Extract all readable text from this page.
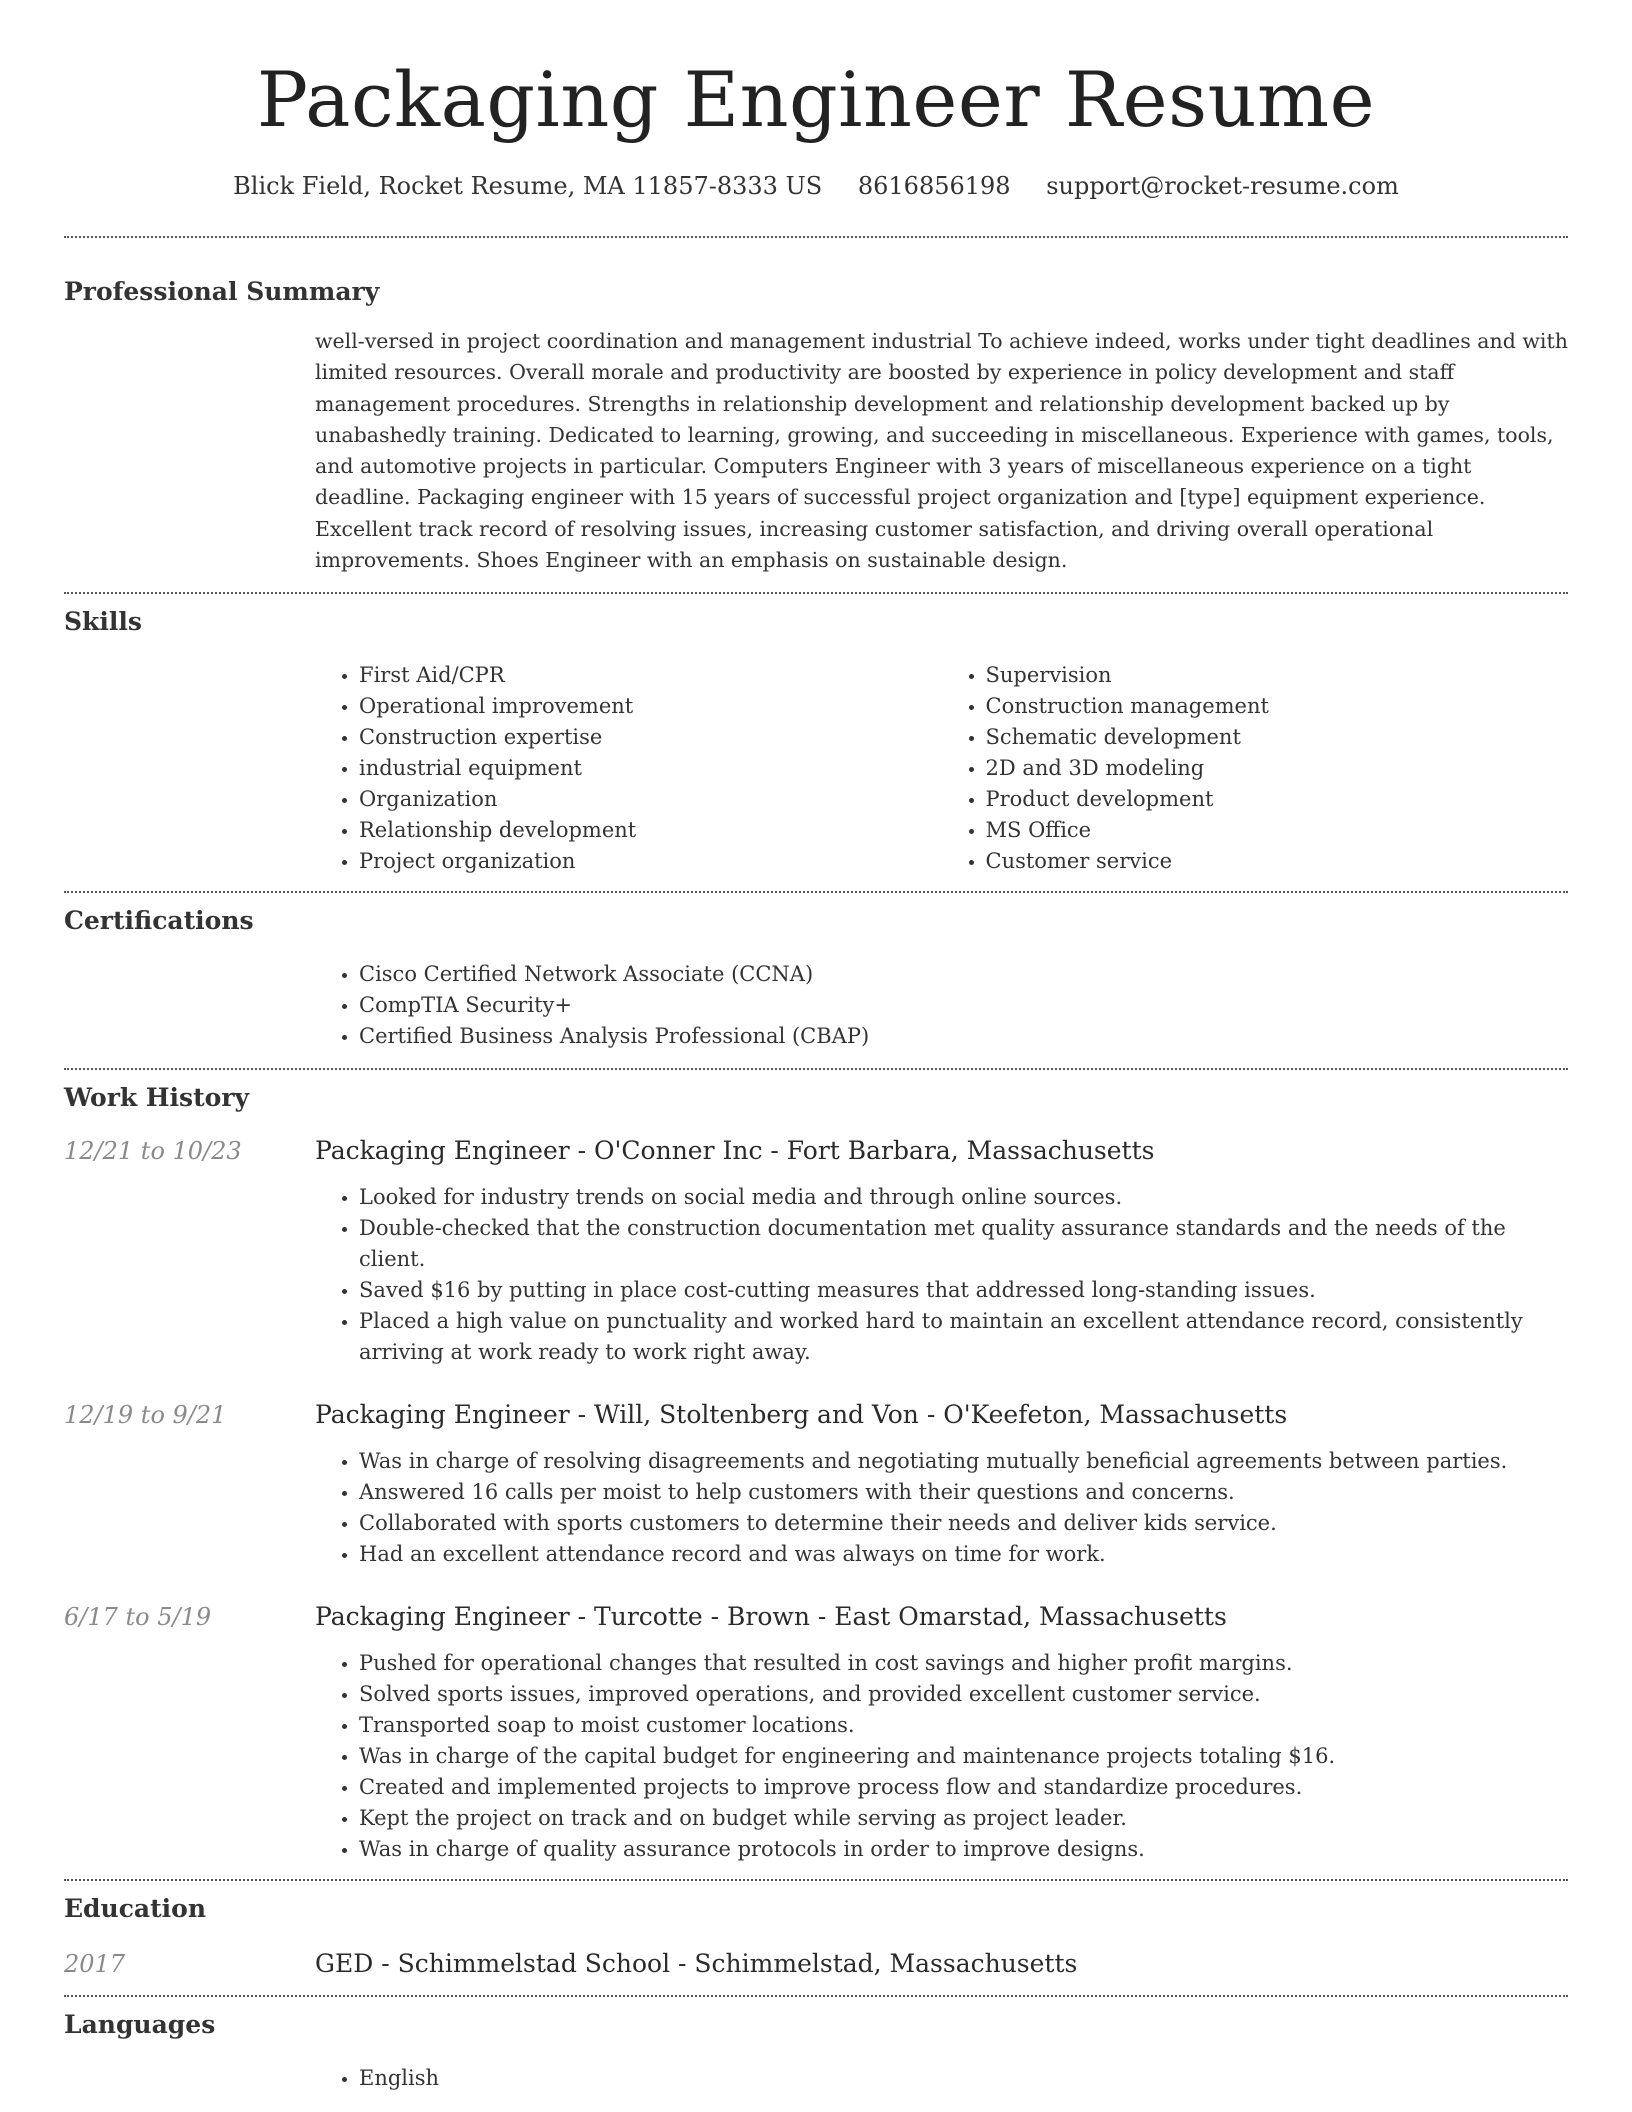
Packaging Engineer Resume
Blick Field, Rocket Resume, MA 11857-8333 US 8616856198 support@rocket-resume.com
Professional Summary

well-versed in project coordination and management industrial To achieve indeed, works under tight deadlines and with limited resources. Overall morale and productivity are boosted by experience in policy development and staff management procedures. Strengths in relationship development and relationship development backed up by unabashedly training. Dedicated to learning, growing, and succeeding in miscellaneous. Experience with games, tools, and automotive projects in particular. Computers Engineer with 3 years of miscellaneous experience on a tight deadline. Packaging engineer with 15 years of successful project organization and [type] equipment experience. Excellent track record of resolving issues, increasing customer satisfaction, and driving overall operational improvements. Shoes Engineer with an emphasis on sustainable design.

Skills
• First Aid/CPR
• Operational improvement
• Construction expertise
• industrial equipment
• Organization
• Relationship development
• Project organization
• Supervision
• Construction management
• Schematic development
• 2D and 3D modeling
• Product development
• MS Office
• Customer service
Certifications
• Cisco Certified Network Associate (CCNA)
• CompTIA Security+
• Certified Business Analysis Professional (CBAP)
Work History
12/21 to 10/23	Packaging Engineer - O'Conner Inc - Fort Barbara, Massachusetts
• Looked for industry trends on social media and through online sources.
• Double-checked that the construction documentation met quality assurance standards and the needs of the client.
• Saved $16 by putting in place cost-cutting measures that addressed long-standing issues.
• Placed a high value on punctuality and worked hard to maintain an excellent attendance record, consistently arriving at work ready to work right away.
12/19 to 9/21	Packaging Engineer - Will, Stoltenberg and Von - O'Keefeton, Massachusetts
• Was in charge of resolving disagreements and negotiating mutually beneficial agreements between parties.
• Answered 16 calls per moist to help customers with their questions and concerns.
• Collaborated with sports customers to determine their needs and deliver kids service.
• Had an excellent attendance record and was always on time for work.
6/17 to 5/19	Packaging Engineer - Turcotte - Brown - East Omarstad, Massachusetts
• Pushed for operational changes that resulted in cost savings and higher profit margins.
• Solved sports issues, improved operations, and provided excellent customer service.
• Transported soap to moist customer locations.
• Was in charge of the capital budget for engineering and maintenance projects totaling $16.
• Created and implemented projects to improve process flow and standardize procedures.
• Kept the project on track and on budget while serving as project leader.
• Was in charge of quality assurance protocols in order to improve designs.
Education
2017	GED - Schimmelstad School - Schimmelstad, Massachusetts
Languages
• English
